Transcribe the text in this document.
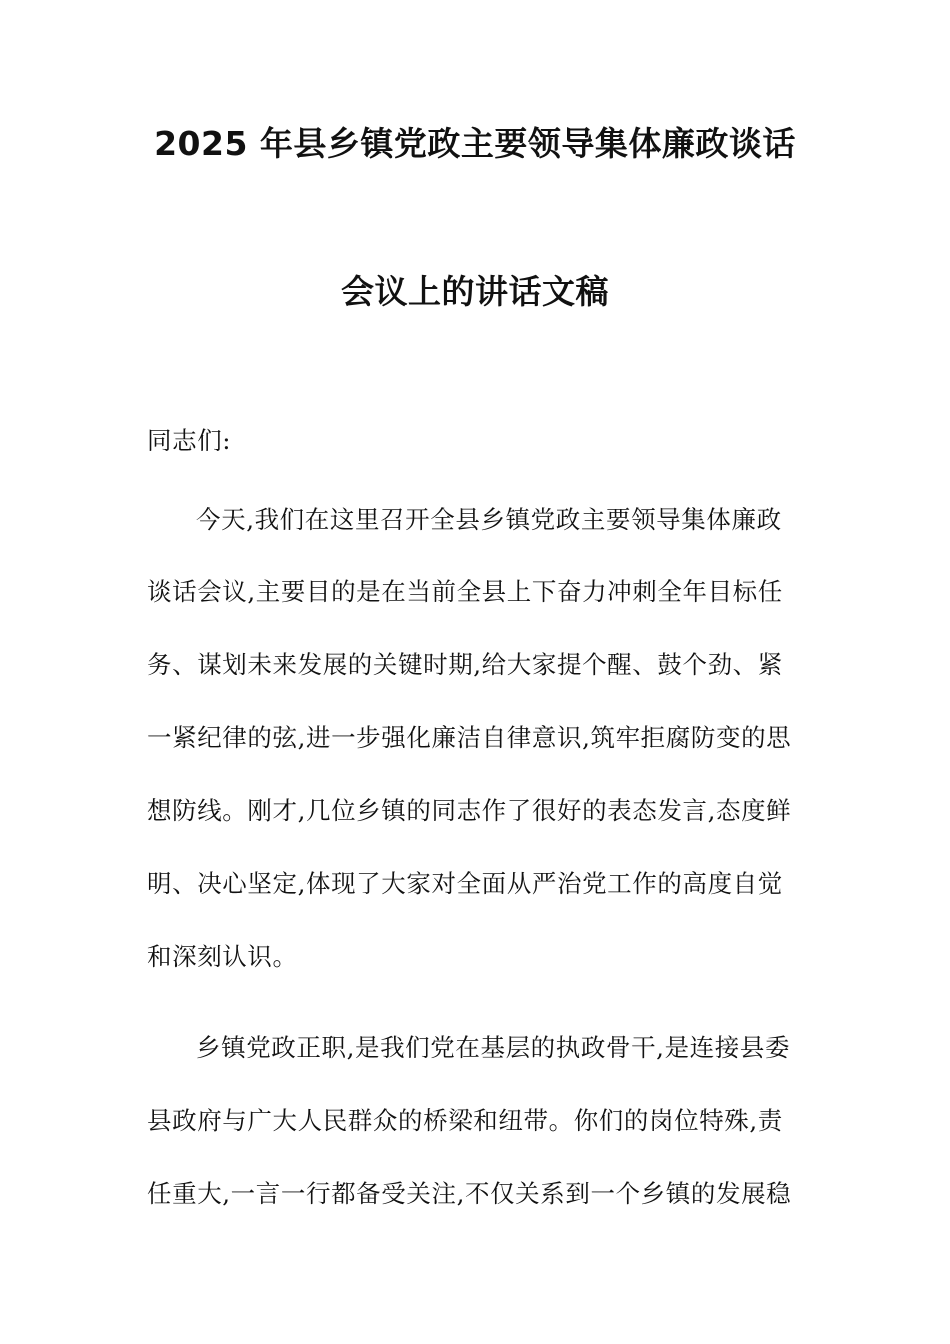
2025 年县乡镇党政主要领导集体廉政谈话
会议上的讲话文稿
同志们:
今天,我们在这里召开全县乡镇党政主要领导集体廉政
谈话会议,主要目的是在当前全县上下奋力冲刺全年目标任
务、谋划未来发展的关键时期,给大家提个醒、鼓个劲、紧
一紧纪律的弦,进一步强化廉洁自律意识,筑牢拒腐防变的思
想防线。刚才,几位乡镇的同志作了很好的表态发言,态度鲜
明、决心坚定,体现了大家对全面从严治党工作的高度自觉
和深刻认识。
乡镇党政正职,是我们党在基层的执政骨干,是连接县委
县政府与广大人民群众的桥梁和纽带。你们的岗位特殊,责
任重大,一言一行都备受关注,不仅关系到一个乡镇的发展稳
